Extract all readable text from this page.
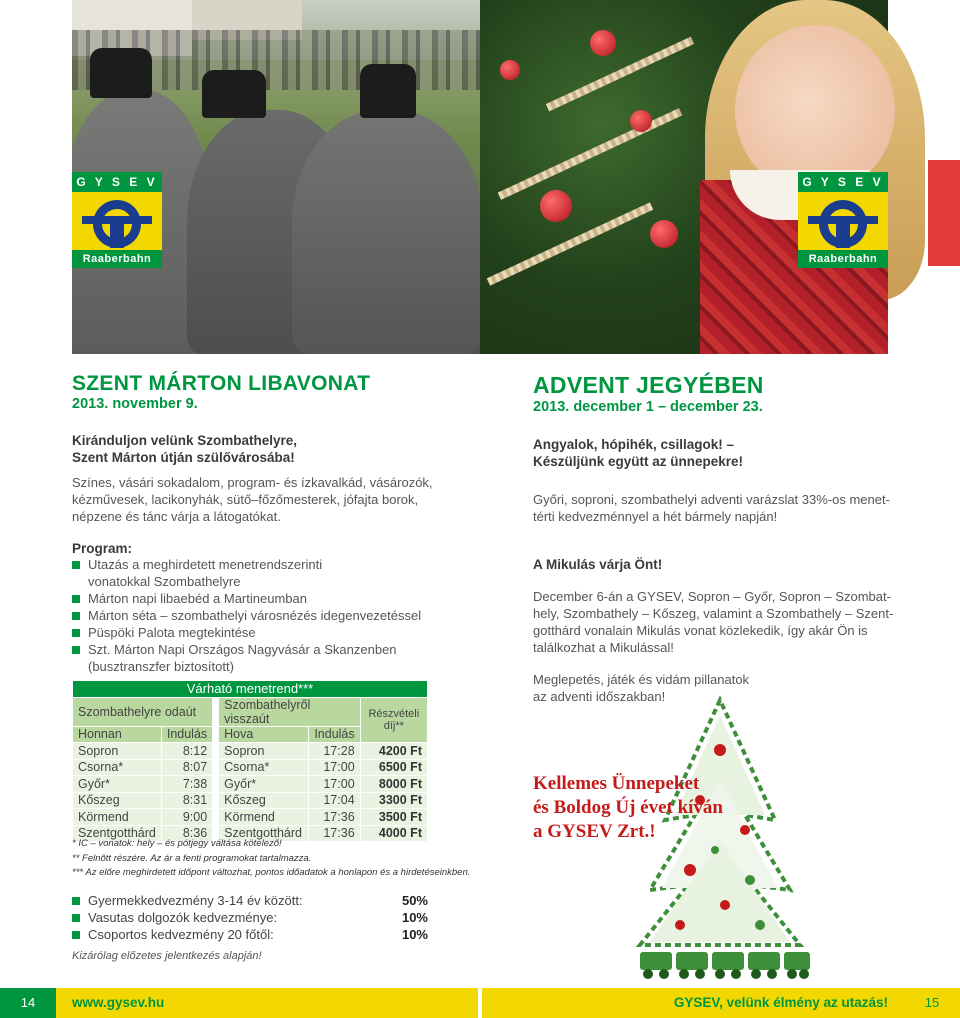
G Y S E V
Raaberbahn
G Y S E V
Raaberbahn
SZENT MÁRTON LIBAVONAT
2013. november 9.
Kiránduljon velünk Szombathelyre,
Szent Márton útján szülővárosába!
Színes, vásári sokadalom, program- és ízkavalkád, vásározók,
kézművesek, lacikonyhák, sütő–főzőmesterek, jófajta borok,
népzene és tánc várja a látogatókat.
Program:
Utazás a meghirdetett menetrendszerinti
vonatokkal Szombathelyre
Márton napi libaebéd a Martineumban
Márton séta – szombathelyi városnézés idegenvezetéssel
Püspöki Palota megtekintése
Szt. Márton Napi Országos Nagyvásár a Skanzenben
(busztranszfer biztosított)
Várható menetrend***					
Szombathelyre odaút			Szombathelyről visszaút		Részvételi díj**
Honnan	Indulás		Hova	Indulás	
Sopron	8:12		Sopron	17:28	4200 Ft
Csorna*	8:07		Csorna*	17:00	6500 Ft
Győr*	7:38		Győr*	17:00	8000 Ft
Kőszeg	8:31		Kőszeg	17:04	3300 Ft
Körmend	9:00		Körmend	17:36	3500 Ft
Szentgotthárd	8:36		Szentgotthárd	17:36	4000 Ft
* IC – vonatok: hely – és pótjegy váltása kötelező!
** Felnőtt részére. Az ár a fenti programokat tartalmazza.
*** Az előre meghirdetett időpont változhat, pontos időadatok a honlapon és a hirdetéseinkben.
Gyermekkedvezmény 3-14 év között:	50%
Vasutas dolgozók kedvezménye:	10%
Csoportos kedvezmény 20 főtől:	10%
Kizárólag előzetes jelentkezés alapján!
ADVENT JEGYÉBEN
2013. december 1 – december 23.
Angyalok, hópihék, csillagok! –
Készüljünk együtt az ünnepekre!
Győri, soproni, szombathelyi adventi varázslat 33%-os menet-
térti kedvezménnyel a hét bármely napján!
A Mikulás várja Önt!
December 6-án a GYSEV, Sopron – Győr, Sopron – Szombat-
hely, Szombathely – Kőszeg, valamint a Szombathely – Szent-
gotthárd vonalain Mikulás vonat közlekedik, így akár Ön is
találkozhat a Mikulással!
Meglepetés, játék és vidám pillanatok
az adventi időszakban!
Kellemes Ünnepeket
és Boldog Új évet kíván
a GYSEV Zrt.!
14	15
www.gysev.hu	GYSEV, velünk élmény az utazás!
